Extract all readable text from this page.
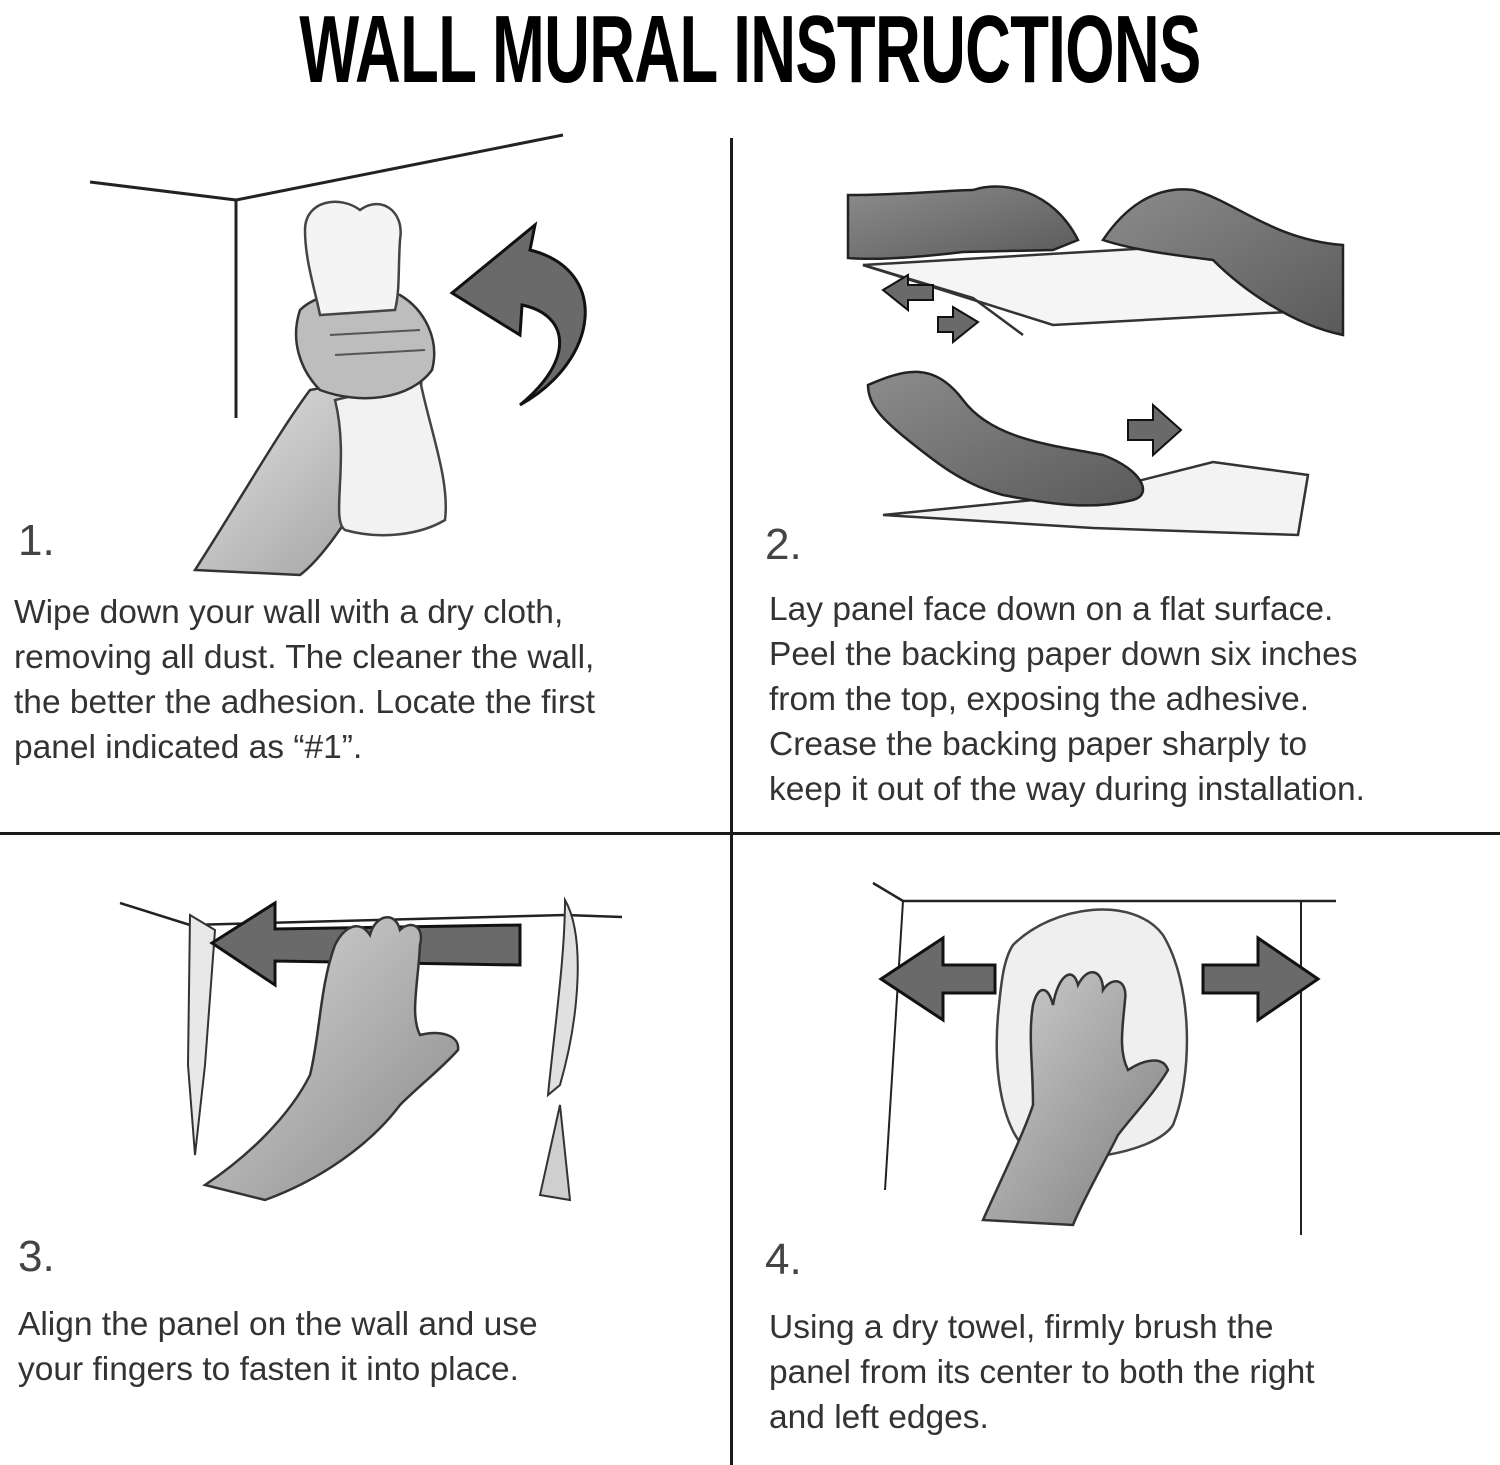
WALL MURAL INSTRUCTIONS
1.

Wipe down your wall with a dry cloth,
removing all dust. The cleaner the wall,
the better the adhesion. Locate the first
panel indicated as “#1”.

2.

Lay panel face down on a flat surface.
Peel the backing paper down six inches
from the top, exposing the adhesive.
Crease the backing paper sharply to
keep it out of the way during installation.

3.

Align the panel on the wall and use
your fingers to fasten it into place.

4.

Using a dry towel, firmly brush the
panel from its center to both the right
and left edges.
